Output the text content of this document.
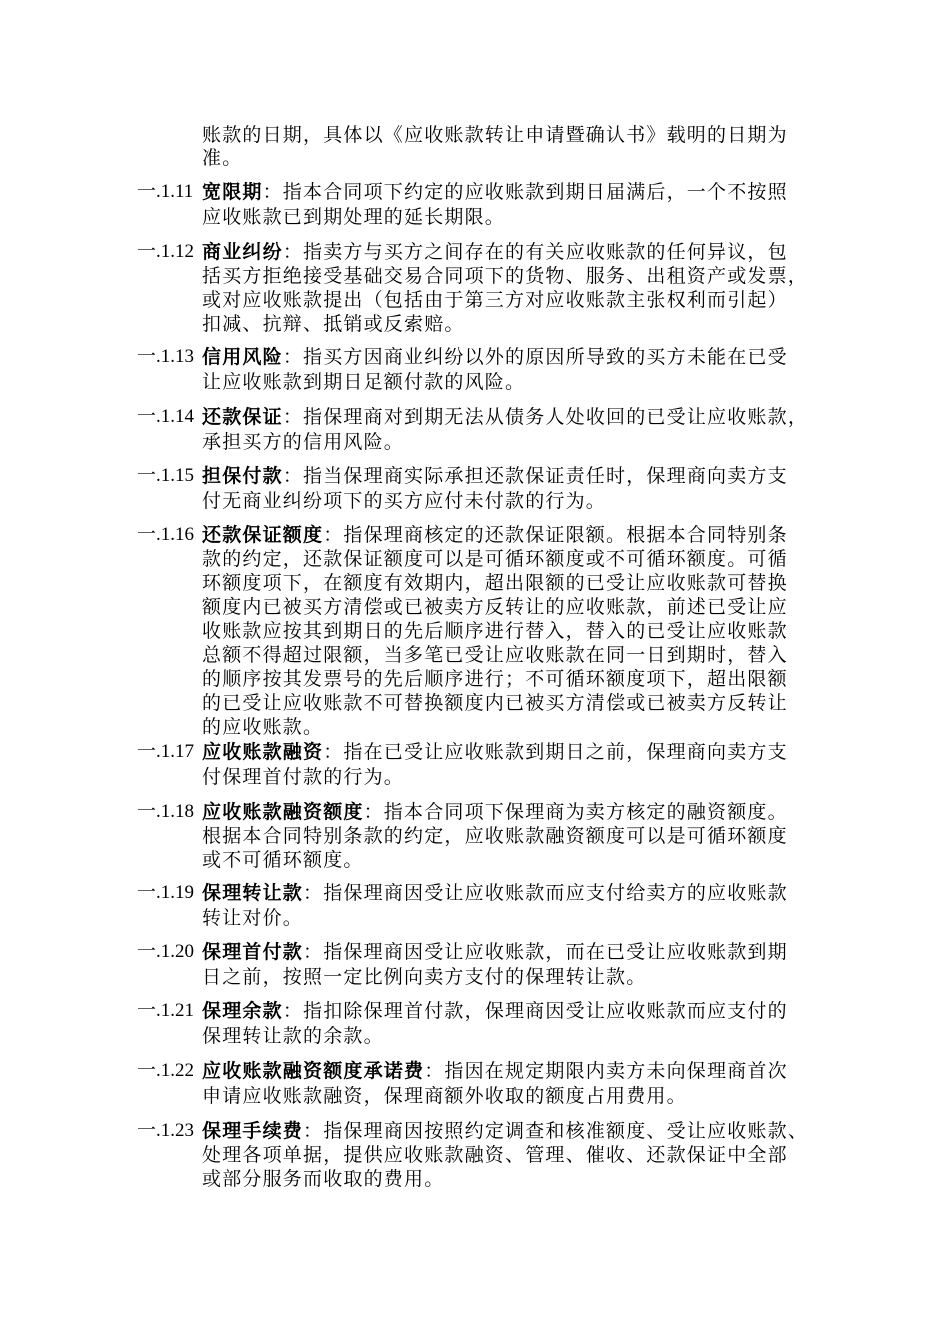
账款的日期，具体以《应收账款转让申请暨确认书》载明的日期为
准。
一.1.11 宽限期：指本合同项下约定的应收账款到期日届满后，一个不按照
应收账款已到期处理的延长期限。
一.1.12 商业纠纷：指卖方与买方之间存在的有关应收账款的任何异议，包
括买方拒绝接受基础交易合同项下的货物、服务、出租资产或发票，
或对应收账款提出（包括由于第三方对应收账款主张权利而引起）
扣减、抗辩、抵销或反索赔。
一.1.13 信用风险：指买方因商业纠纷以外的原因所导致的买方未能在已受
让应收账款到期日足额付款的风险。
一.1.14 还款保证：指保理商对到期无法从债务人处收回的已受让应收账款，
承担买方的信用风险。
一.1.15 担保付款：指当保理商实际承担还款保证责任时，保理商向卖方支
付无商业纠纷项下的买方应付未付款的行为。
一.1.16 还款保证额度：指保理商核定的还款保证限额。根据本合同特别条
款的约定，还款保证额度可以是可循环额度或不可循环额度。可循
环额度项下，在额度有效期内，超出限额的已受让应收账款可替换
额度内已被买方清偿或已被卖方反转让的应收账款，前述已受让应
收账款应按其到期日的先后顺序进行替入，替入的已受让应收账款
总额不得超过限额，当多笔已受让应收账款在同一日到期时，替入
的顺序按其发票号的先后顺序进行；不可循环额度项下，超出限额
的已受让应收账款不可替换额度内已被买方清偿或已被卖方反转让
的应收账款。
一.1.17 应收账款融资：指在已受让应收账款到期日之前，保理商向卖方支
付保理首付款的行为。
一.1.18 应收账款融资额度：指本合同项下保理商为卖方核定的融资额度。
根据本合同特别条款的约定，应收账款融资额度可以是可循环额度
或不可循环额度。
一.1.19 保理转让款：指保理商因受让应收账款而应支付给卖方的应收账款
转让对价。
一.1.20 保理首付款：指保理商因受让应收账款，而在已受让应收账款到期
日之前，按照一定比例向卖方支付的保理转让款。
一.1.21 保理余款：指扣除保理首付款，保理商因受让应收账款而应支付的
保理转让款的余款。
一.1.22 应收账款融资额度承诺费：指因在规定期限内卖方未向保理商首次
申请应收账款融资，保理商额外收取的额度占用费用。
一.1.23 保理手续费：指保理商因按照约定调查和核准额度、受让应收账款、
处理各项单据，提供应收账款融资、管理、催收、还款保证中全部
或部分服务而收取的费用。
